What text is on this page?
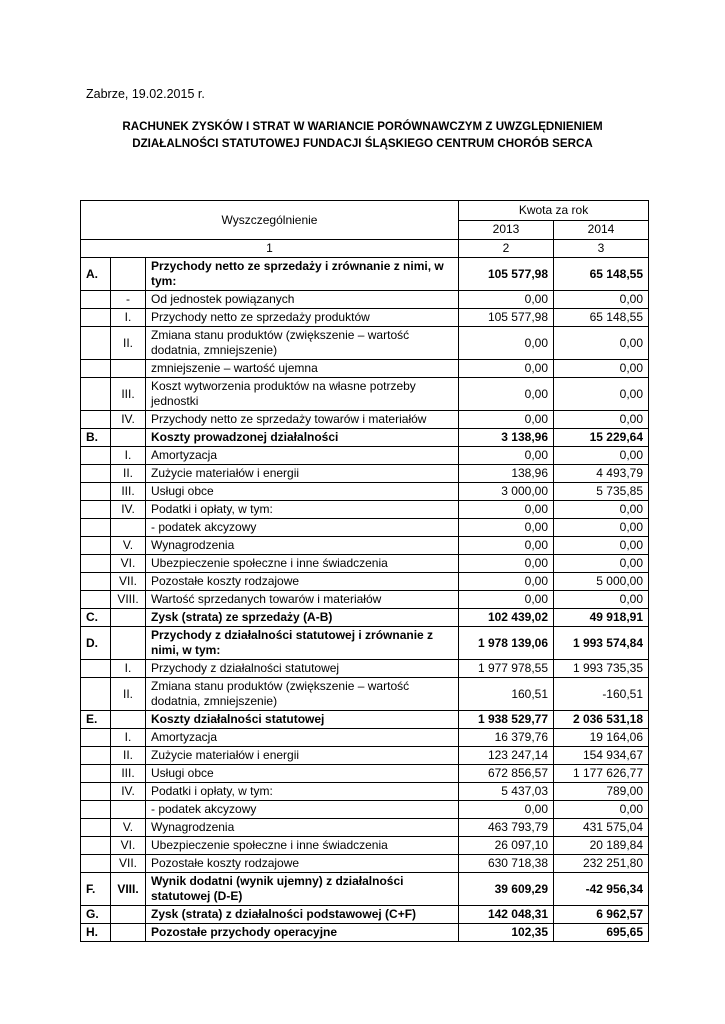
Zabrze, 19.02.2015 r.
RACHUNEK ZYSKÓW I STRAT W WARIANCIE PORÓWNAWCZYM Z UWZGLĘDNIENIEM
DZIAŁALNOŚCI STATUTOWEJ FUNDACJI ŚLĄSKIEGO CENTRUM CHORÓB SERCA
Wyszczególnienie			Kwota za rok	
			2013	2014
1			2	3
A.		Przychody netto ze sprzedaży i zrównanie z nimi, w tym:	105 577,98	65 148,55
	-	Od jednostek powiązanych	0,00	0,00
	I.	Przychody netto ze sprzedaży produktów	105 577,98	65 148,55
	II.	Zmiana stanu produktów (zwiększenie – wartość dodatnia, zmniejszenie)	0,00	0,00
		zmniejszenie – wartość ujemna	0,00	0,00
	III.	Koszt wytworzenia produktów na własne potrzeby jednostki	0,00	0,00
	IV.	Przychody netto ze sprzedaży towarów i materiałów	0,00	0,00
B.		Koszty prowadzonej działalności	3 138,96	15 229,64
	I.	Amortyzacja	0,00	0,00
	II.	Zużycie materiałów i energii	138,96	4 493,79
	III.	Usługi obce	3 000,00	5 735,85
	IV.	Podatki i opłaty, w tym:	0,00	0,00
		- podatek akcyzowy	0,00	0,00
	V.	Wynagrodzenia	0,00	0,00
	VI.	Ubezpieczenie społeczne i inne świadczenia	0,00	0,00
	VII.	Pozostałe koszty rodzajowe	0,00	5 000,00
	VIII.	Wartość sprzedanych towarów i materiałów	0,00	0,00
C.		Zysk (strata) ze sprzedaży (A-B)	102 439,02	49 918,91
D.		Przychody z działalności statutowej i zrównanie z nimi, w tym:	1 978 139,06	1 993 574,84
	I.	Przychody z działalności statutowej	1 977 978,55	1 993 735,35
	II.	Zmiana stanu produktów (zwiększenie – wartość dodatnia, zmniejszenie)	160,51	-160,51
E.		Koszty działalności statutowej	1 938 529,77	2 036 531,18
	I.	Amortyzacja	16 379,76	19 164,06
	II.	Zużycie materiałów i energii	123 247,14	154 934,67
	III.	Usługi obce	672 856,57	1 177 626,77
	IV.	Podatki i opłaty, w tym:	5 437,03	789,00
		- podatek akcyzowy	0,00	0,00
	V.	Wynagrodzenia	463 793,79	431 575,04
	VI.	Ubezpieczenie społeczne i inne świadczenia	26 097,10	20 189,84
	VII.	Pozostałe koszty rodzajowe	630 718,38	232 251,80
F.	VIII.	Wynik dodatni (wynik ujemny) z działalności statutowej (D-E)	39 609,29	-42 956,34
G.		Zysk (strata) z działalności podstawowej (C+F)	142 048,31	6 962,57
H.		Pozostałe przychody operacyjne	102,35	695,65
